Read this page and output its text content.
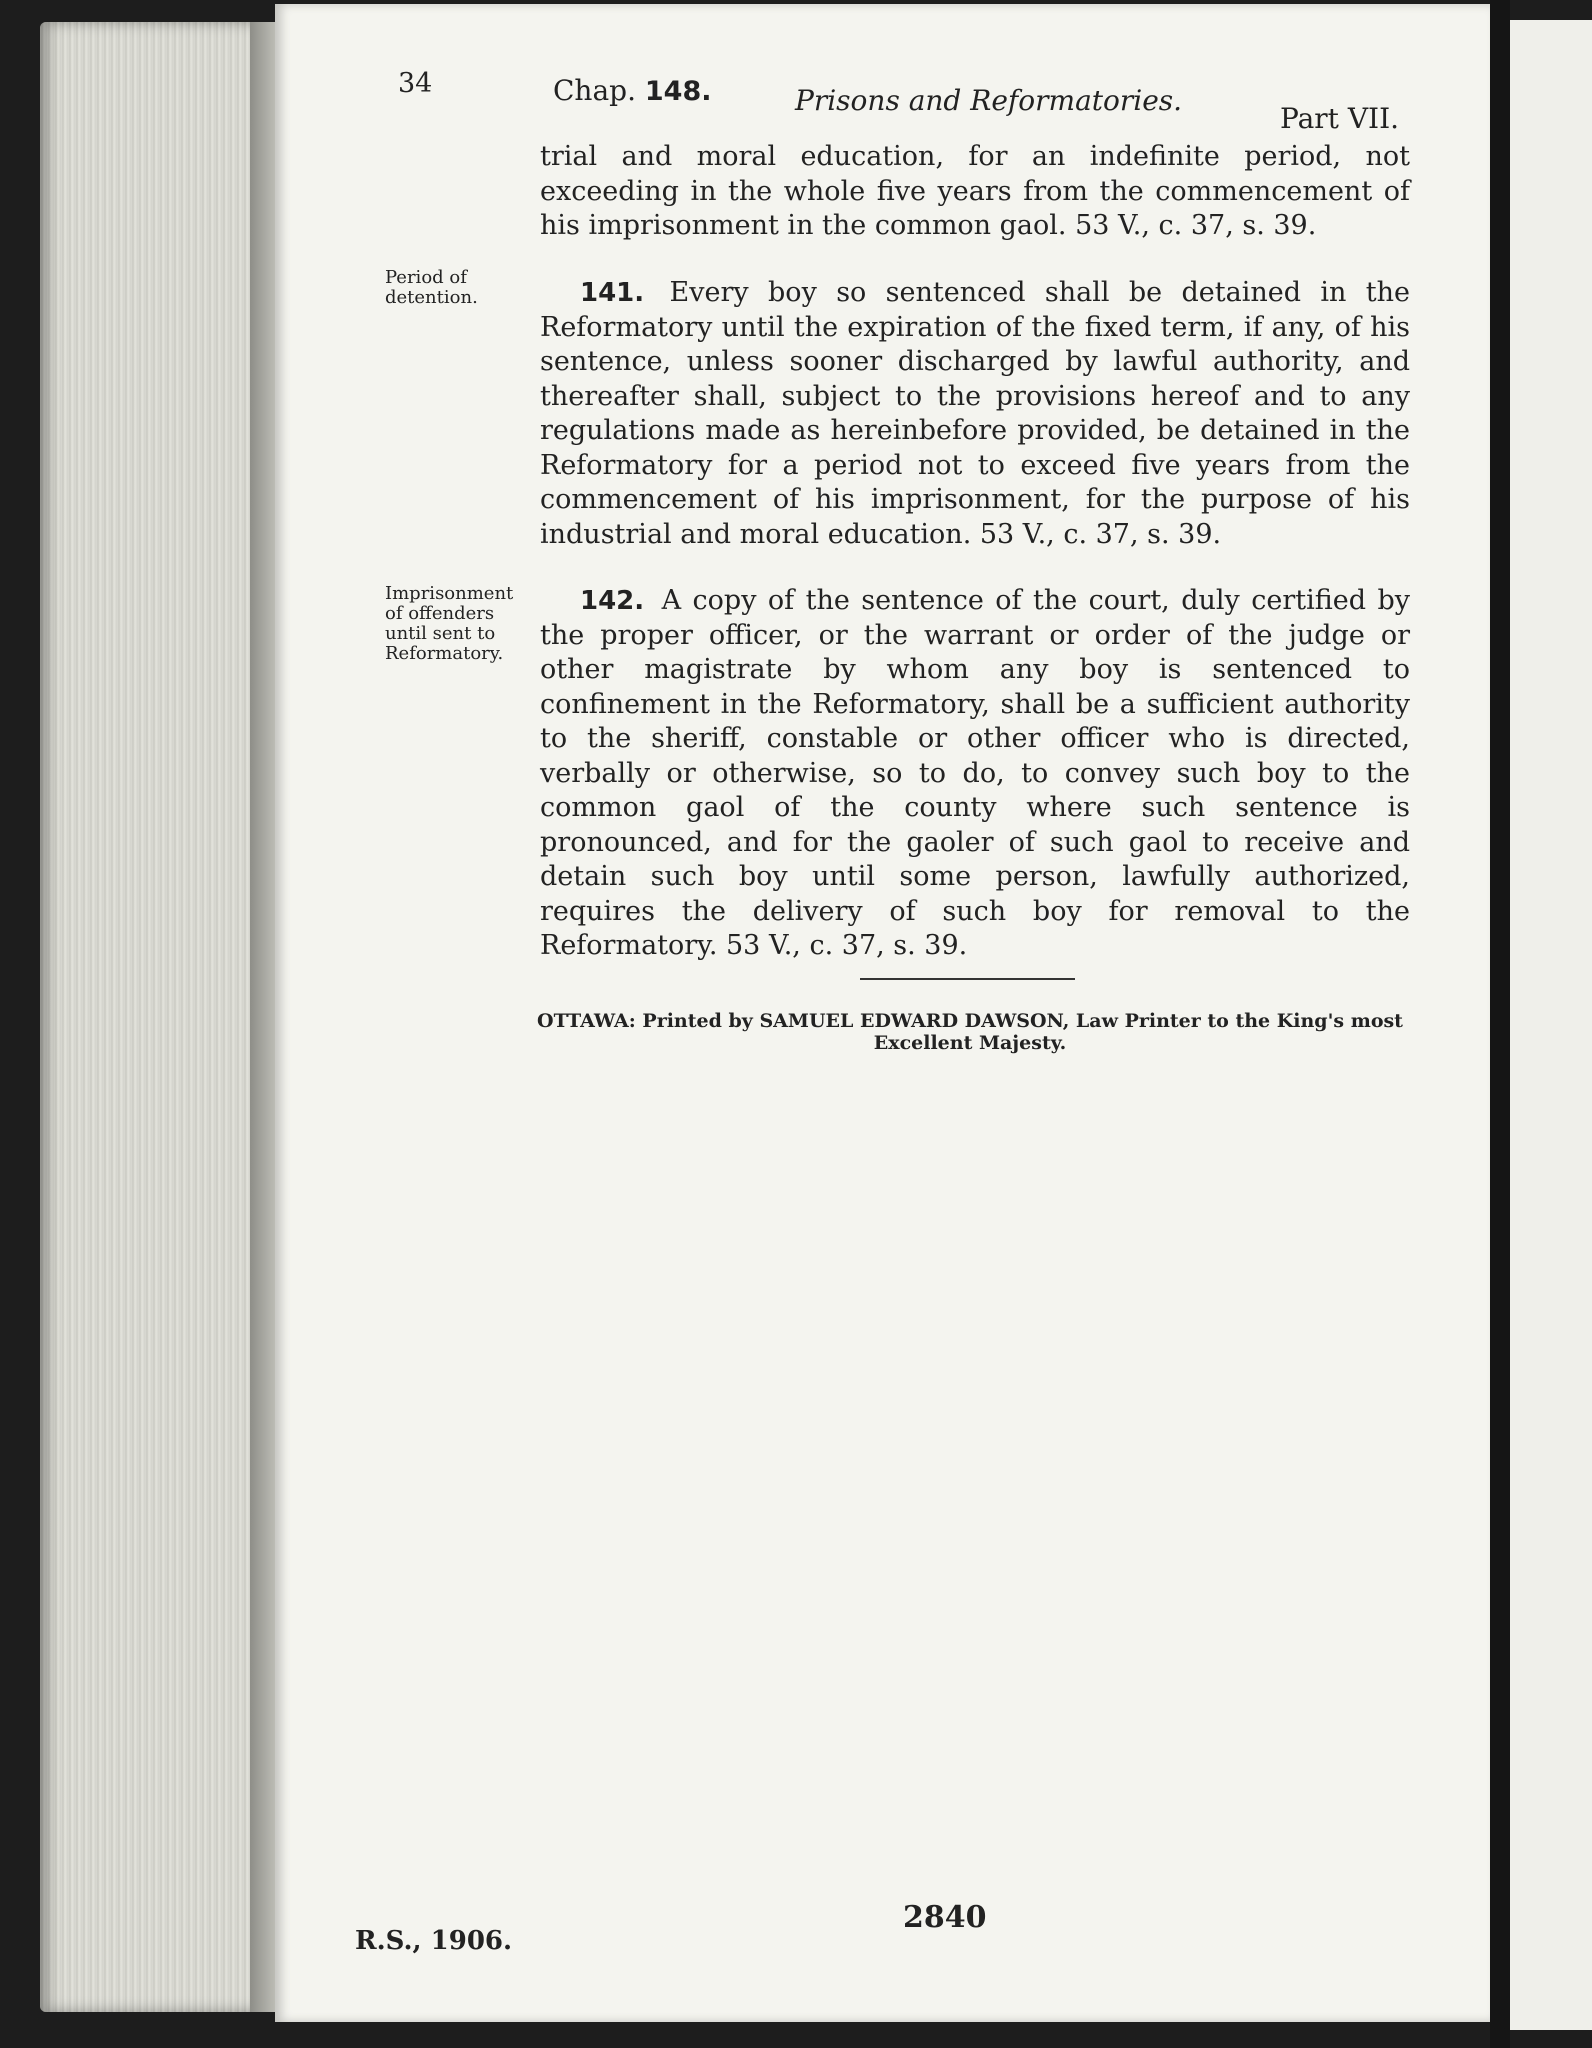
34	Chap. 148.	Prisons and Reformatories.
Part VII.
trial and moral education, for an indefinite period, not exceeding in the whole five years from the commencement of his imprisonment in the common gaol. 53 V., c. 37, s. 39.
Period of detention.	141. Every boy so sentenced shall be detained in the Reformatory until the expiration of the fixed term, if any, of his sentence, unless sooner discharged by lawful authority, and thereafter shall, subject to the provisions hereof and to any regulations made as hereinbefore provided, be detained in the Reformatory for a period not to exceed five years from the commencement of his imprisonment, for the purpose of his industrial and moral education. 53 V., c. 37, s. 39.
Imprisonment of offenders until sent to Reformatory.
142. A copy of the sentence of the court, duly certified by the proper officer, or the warrant or order of the judge or other magistrate by whom any boy is sentenced to confinement in the Reformatory, shall be a sufficient authority to the sheriff, constable or other officer who is directed, verbally or otherwise, so to do, to convey such boy to the common gaol of the county where such sentence is pronounced, and for the gaoler of such gaol to receive and detain such boy until some person, lawfully authorized, requires the delivery of such boy for removal to the Reformatory. 53 V., c. 37, s. 39.
OTTAWA: Printed by SAMUEL EDWARD DAWSON, Law Printer to the King's most Excellent Majesty.
R.S., 1906.
2840
